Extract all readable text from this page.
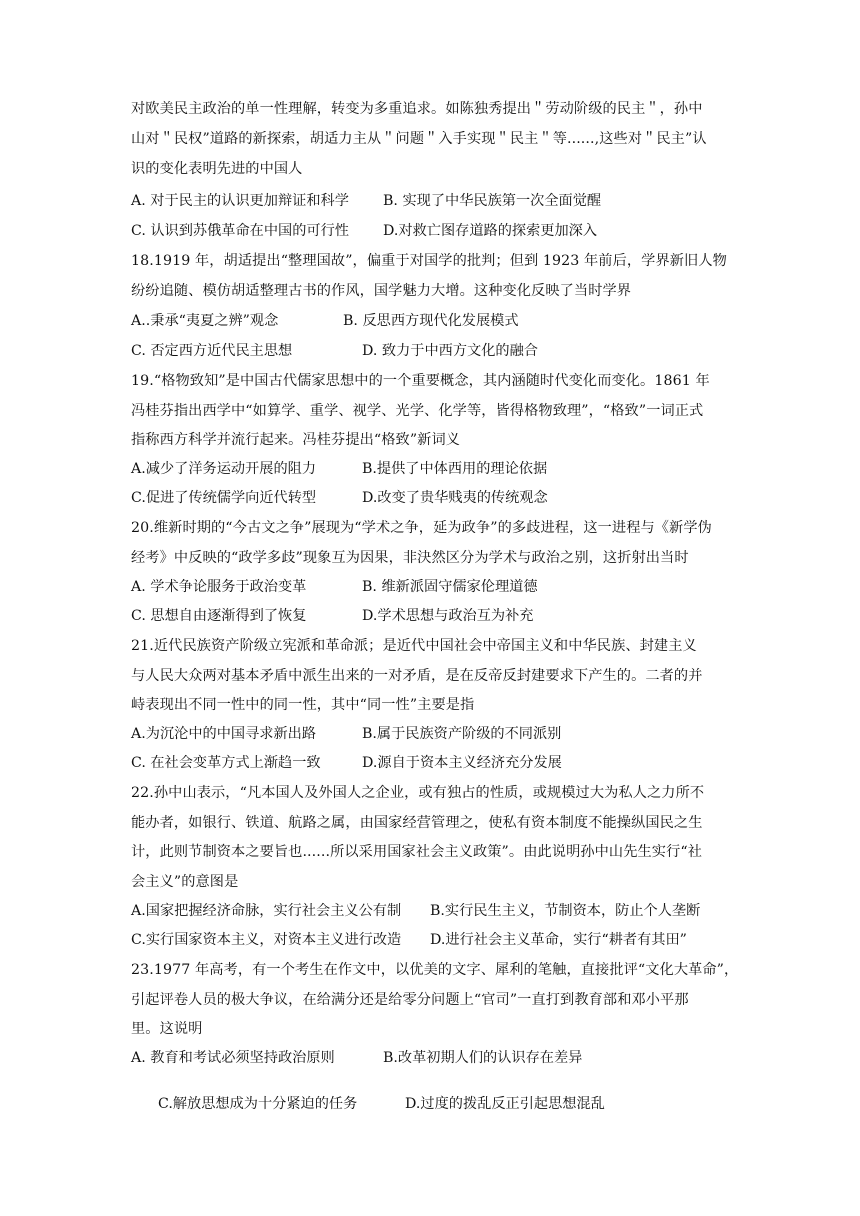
对欧美民主政治的单一性理解，转变为多重追求。如陈独秀提出＂劳动阶级的民主＂，孙中
山对＂民权”道路的新探索，胡适力主从＂问题＂入手实现＂民主＂等......,这些对＂民主”认
识的变化表明先进的中国人
A. 对于民主的认识更加辩证和科学 B. 实现了中华民族第一次全面觉醒
C. 认识到苏俄革命在中国的可行性 D.对救亡图存道路的探索更加深入
18.1919 年，胡适提出“整理国故”，偏重于对国学的批判；但到 1923 年前后，学界新旧人物
纷纷追随、模仿胡适整理古书的作风，国学魅力大增。这种变化反映了当时学界
A..秉承“夷夏之辨”观念	B. 反思西方现代化发展模式
C. 否定西方近代民主思想	D. 致力于中西方文化的融合
19.“格物致知”是中国古代儒家思想中的一个重要概念，其内涵随时代变化而变化。1861 年
冯桂芬指出西学中“如算学、重学、视学、光学、化学等，皆得格物致理”，“格致”一词正式
指称西方科学并流行起来。冯桂芬提出“格致”新词义
A.减少了洋务运动开展的阻力	B.提供了中体西用的理论依据
C.促进了传统儒学向近代转型	D.改变了贵华贱夷的传统观念
20.维新时期的“今古文之争”展现为“学术之争，延为政争”的多歧进程，这一进程与《新学伪
经考》中反映的“政学多歧”现象互为因果，非決然区分为学术与政治之别，这折射出当时
A. 学术争论服务于政治变革	B. 维新派固守儒家伦理道德
C. 思想自由逐渐得到了恢复	D.学术思想与政治互为补充
21.近代民族资产阶级立宪派和革命派；是近代中国社会中帝国主义和中华民族、封建主义
与人民大众两对基本矛盾中派生出来的一对矛盾，是在反帝反封建要求下产生的。二者的并
峙表现出不同一性中的同一性，其中“同一性”主要是指
A.为沉沦中的中国寻求新出路	B.属于民族资产阶级的不同派别
C. 在社会变革方式上渐趋一致	D.源自于资本主义经济充分发展
22.孙中山表示，“凡本国人及外国人之企业，或有独占的性质，或规模过大为私人之力所不
能办者，如银行、铁道、航路之属，由国家经营管理之，使私有资本制度不能操纵国民之生
计，此则节制资本之要旨也......所以采用国家社会主义政策”。由此说明孙中山先生实行“社
会主义”的意图是
A.国家把握经济命脉，实行社会主义公有制 B.实行民生主义，节制资本，防止个人垄断
C.实行国家资本主义，对资本主义进行改造 D.进行社会主义革命，实行“耕者有其田”
23.1977 年高考，有一个考生在作文中，以优美的文字、犀利的笔触，直接批评“文化大革命”，
引起评卷人员的极大争议，在给满分还是给零分问题上“官司”一直打到教育部和邓小平那
里。这说明
A. 教育和考试必须坚持政治原则	B.改革初期人们的认识存在差异
C.解放思想成为十分紧迫的任务	D.过度的拨乱反正引起思想混乱
